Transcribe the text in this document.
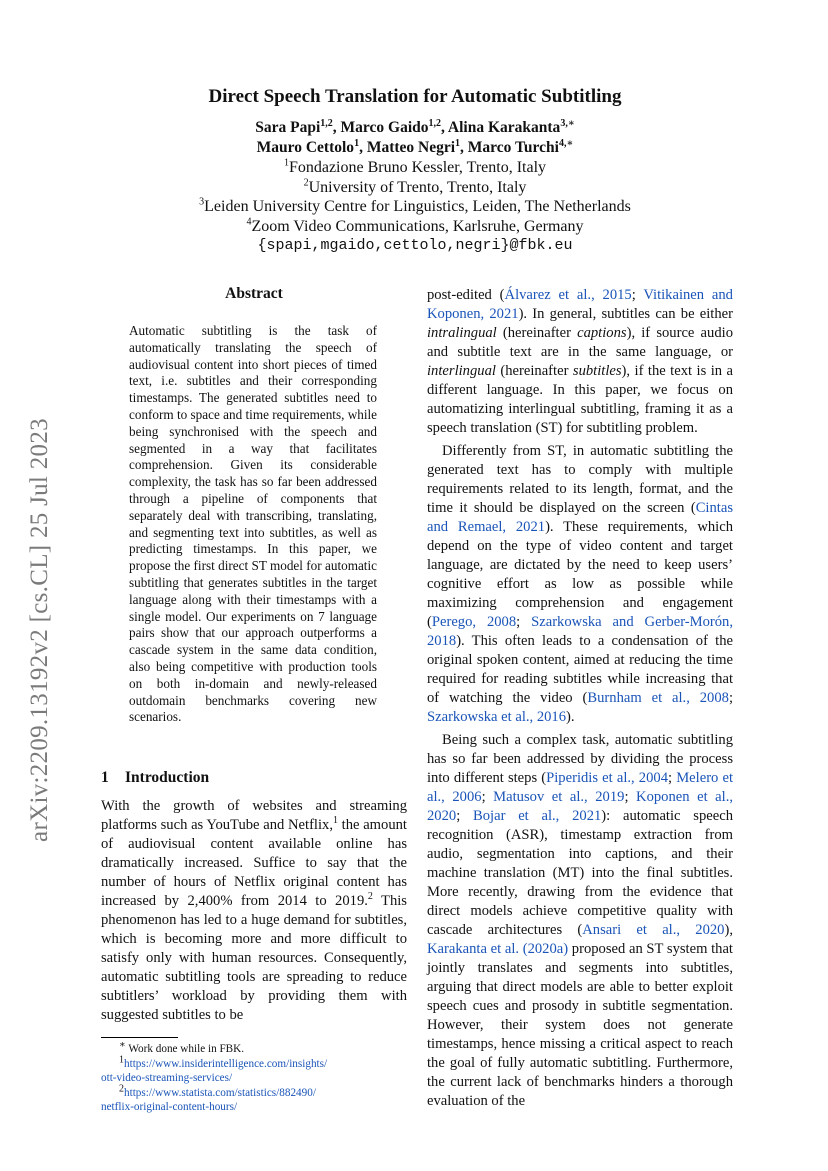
arXiv:2209.13192v2 [cs.CL] 25 Jul 2023
Direct Speech Translation for Automatic Subtitling
Sara Papi$^{1,2}$, Marco Gaido$^{1,2}$, Alina Karakanta$^{3,∗}$
Mauro Cettolo$^1$, Matteo Negri$^1$, Marco Turchi$^{4,∗}$
$^1$Fondazione Bruno Kessler, Trento, Italy
$^2$University of Trento, Trento, Italy
$^3$Leiden University Centre for Linguistics, Leiden, The Netherlands
$^4$Zoom Video Communications, Karlsruhe, Germany
{spapi,mgaido,cettolo,negri}@fbk.eu
Abstract

Automatic subtitling is the task of automatically translating the speech of audiovisual content into short pieces of timed text, i.e. subtitles and their corresponding timestamps. The generated subtitles need to conform to space and time requirements, while being synchronised with the speech and segmented in a way that facilitates comprehension. Given its considerable complexity, the task has so far been addressed through a pipeline of components that separately deal with transcribing, translating, and segmenting text into subtitles, as well as predicting timestamps. In this paper, we propose the first direct ST model for automatic subtitling that generates subtitles in the target language along with their timestamps with a single model. Our experiments on 7 language pairs show that our approach outperforms a cascade system in the same data condition, also being competitive with production tools on both in-domain and newly-released outdomain benchmarks covering new scenarios.

1 Introduction

With the growth of websites and streaming platforms such as YouTube and Netflix,$^1$ the amount of audiovisual content available online has dramatically increased. Suffice to say that the number of hours of Netflix original content has increased by 2,400% from 2014 to 2019.$^2$ This phenomenon has led to a huge demand for subtitles, which is becoming more and more difficult to satisfy only with human resources. Consequently, automatic subtitling tools are spreading to reduce subtitlers’ workload by providing them with suggested subtitles to be

∗ Work done while in FBK.

$^1$https://www.insiderintelligence.com/insights/

ott-video-streaming-services/

$^2$https://www.statista.com/statistics/882490/

netflix-original-content-hours/

post-edited (Álvarez et al., 2015; Vitikainen and Koponen, 2021). In general, subtitles can be either intralingual (hereinafter captions), if source audio and subtitle text are in the same language, or interlingual (hereinafter subtitles), if the text is in a different language. In this paper, we focus on automatizing interlingual subtitling, framing it as a speech translation (ST) for subtitling problem.

Differently from ST, in automatic subtitling the generated text has to comply with multiple requirements related to its length, format, and the time it should be displayed on the screen (Cintas and Remael, 2021). These requirements, which depend on the type of video content and target language, are dictated by the need to keep users’ cognitive effort as low as possible while maximizing comprehension and engagement (Perego, 2008; Szarkowska and Gerber-Morón, 2018). This often leads to a condensation of the original spoken content, aimed at reducing the time required for reading subtitles while increasing that of watching the video (Burnham et al., 2008; Szarkowska et al., 2016).

Being such a complex task, automatic subtitling has so far been addressed by dividing the process into different steps (Piperidis et al., 2004; Melero et al., 2006; Matusov et al., 2019; Koponen et al., 2020; Bojar et al., 2021): automatic speech recognition (ASR), timestamp extraction from audio, segmentation into captions, and their machine translation (MT) into the final subtitles. More recently, drawing from the evidence that direct models achieve competitive quality with cascade architectures (Ansari et al., 2020), Karakanta et al. (2020a) proposed an ST system that jointly translates and segments into subtitles, arguing that direct models are able to better exploit speech cues and prosody in subtitle segmentation. However, their system does not generate timestamps, hence missing a critical aspect to reach the goal of fully automatic subtitling. Furthermore, the current lack of benchmarks hinders a thorough evaluation of the
